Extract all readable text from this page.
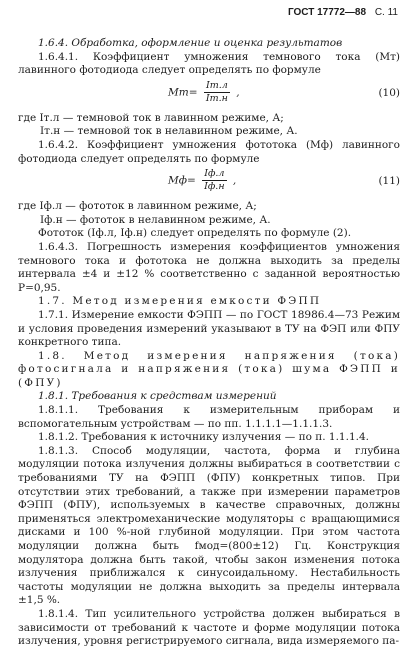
ГОСТ 17772—88 С. 11

1.6.4. Обработка, оформление и оценка результатов

1.6.4.1. Коэффициент умножения темнового тока (Mт) лавинного фотодиода следует определять по формуле

$Mт= \frac{Iт.л}{Iт.н}$ ,	(10)

где Iт.л — темновой ток в лавинном режиме, А;

Iт.н — темновой ток в нелавинном режиме, А.

1.6.4.2. Коэффициент умножения фототока (Mф) лавинного фотодиода следует определять по формуле

$Mф= \frac{Iф.л}{Iф.н}$ ,	(11)

где Iф.л — фототок в лавинном режиме, А;

Iф.н — фототок в нелавинном режиме, А.

Фототок (Iф.л, Iф.н) следует определять по формуле (2).

1.6.4.3. Погрешность измерения коэффициентов умножения темнового тока и фототока не должна выходить за пределы интервала ±4 и ±12 % соответственно с заданной вероятностью P=0,95.

1.7. Метод измерения емкости ФЭПП

1.7.1. Измерение емкости ФЭПП — по ГОСТ 18986.4—73 Режим и условия проведения измерений указывают в ТУ на ФЭП или ФПУ конкретного типа.

1.8. Метод измерения напряжения (тока) фотосигнала и напряжения (тока) шума ФЭПП и (ФПУ)

1.8.1. Требования к средствам измерений

1.8.1.1. Требования к измерительным приборам и вспомогательным устройствам — по пп. 1.1.1.1—1.1.1.3.

1.8.1.2. Требования к источнику излучения — по п. 1.1.1.4.

1.8.1.3. Способ модуляции, частота, форма и глубина модуляции потока излучения должны выбираться в соответствии с требованиями ТУ на ФЭПП (ФПУ) конкретных типов. При отсутствии этих требований, а также при измерении параметров ФЭПП (ФПУ), используемых в качестве справочных, должны применяться электромеханические модуляторы с вращающимися дисками и 100 %-ной глубиной модуляции. При этом частота модуляции должна быть fмод=(800±12) Гц. Конструкция модулятора должна быть такой, чтобы закон изменения потока излучения приближался к синусоидальному. Нестабильность частоты модуляции не должна выходить за пределы интервала ±1,5 %.

1.8.1.4. Тип усилительного устройства должен выбираться в зависимости от требований к частоте и форме модуляции потока излучения, уровня регистрируемого сигнала, вида измеряемого па-
